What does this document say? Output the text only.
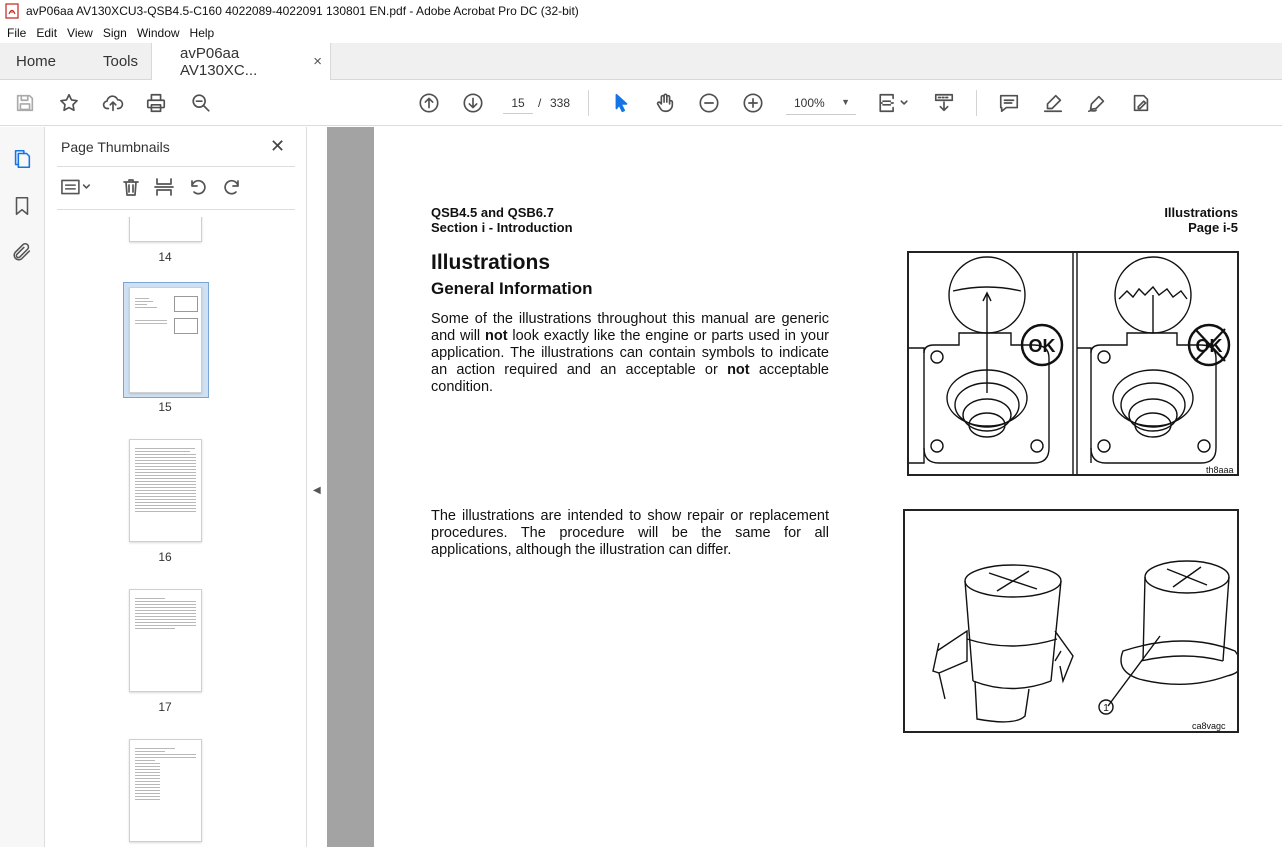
avP06aa AV130XCU3-QSB4.5-C160 4022089-4022091 130801 EN.pdf - Adobe Acrobat Pro DC (32-bit)
File Edit View Sign Window Help
Home	Tools	avP06aa AV130XC...	×
15
/ 338	100% ▼
Page Thumbnails	✕
14
15
16
17
◀
QSB4.5 and QSB6.7
Section i - Introduction
Illustrations
Page i-5
Illustrations
General Information
Some of the illustrations throughout this manual are generic and will not look exactly like the engine or parts used in your application. The illustrations can contain symbols to indicate an action required and an acceptable or not acceptable condition.
The illustrations are intended to show repair or replacement procedures. The procedure will be the same for all applications, although the illustration can differ.
OK	OK
th8aaa
1
ca8vagc
